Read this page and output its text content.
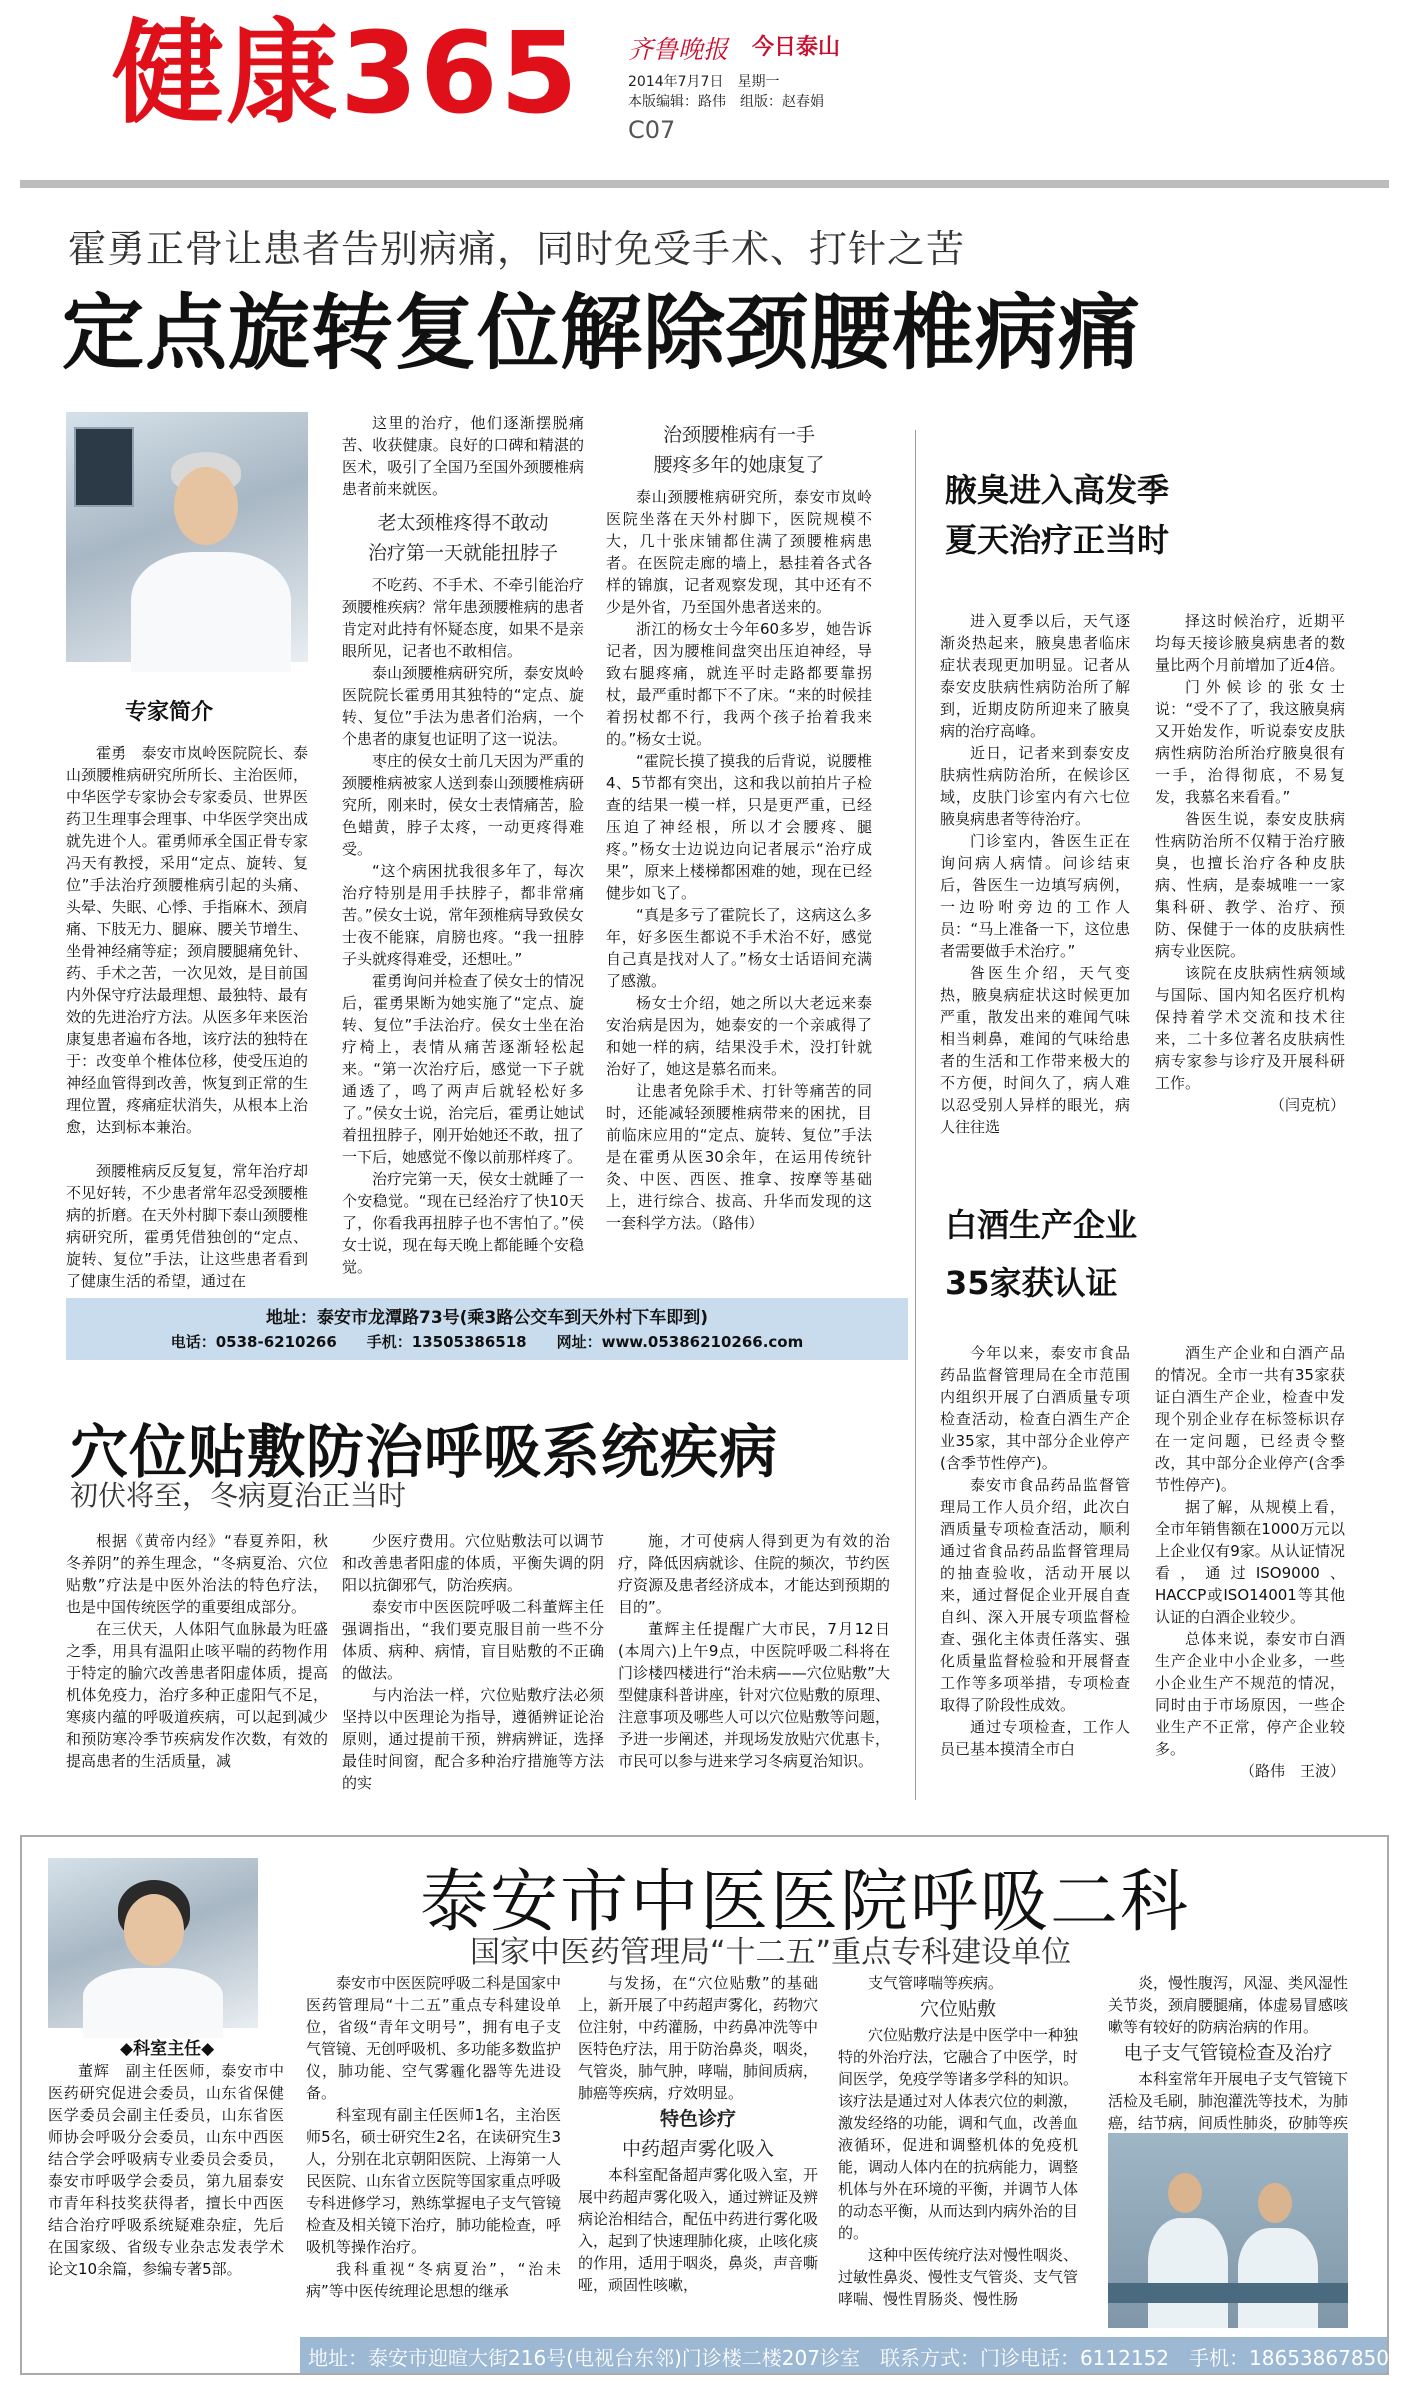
健康365 齐鲁晚报 今日泰山
2014年7月7日　星期一
本版编辑：路伟　组版：赵春娟
C07
霍勇正骨让患者告别病痛，同时免受手术、打针之苦
定点旋转复位解除颈腰椎病痛
专家简介
霍勇　泰安市岚岭医院院长、泰山颈腰椎病研究所所长、主治医师，中华医学专家协会专家委员、世界医药卫生理事会理事、中华医学突出成就先进个人。霍勇师承全国正骨专家冯天有教授，采用“定点、旋转、复位”手法治疗颈腰椎病引起的头痛、头晕、失眠、心悸、手指麻木、颈肩痛、下肢无力、腿麻、腰关节增生、坐骨神经痛等症；颈肩腰腿痛免针、药、手术之苦，一次见效，是目前国内外保守疗法最理想、最独特、最有效的先进治疗方法。从医多年来医治康复患者遍布各地，该疗法的独特在于：改变单个椎体位移，使受压迫的神经血管得到改善，恢复到正常的生理位置，疼痛症状消失，从根本上治愈，达到标本兼治。

颈腰椎病反反复复，常年治疗却不见好转，不少患者常年忍受颈腰椎病的折磨。在天外村脚下泰山颈腰椎病研究所，霍勇凭借独创的“定点、旋转、复位”手法，让这些患者看到了健康生活的希望，通过在

这里的治疗，他们逐渐摆脱痛苦、收获健康。良好的口碑和精湛的医术，吸引了全国乃至国外颈腰椎病患者前来就医。

老太颈椎疼得不敢动
治疗第一天就能扭脖子

不吃药、不手术、不牵引能治疗颈腰椎疾病？常年患颈腰椎病的患者肯定对此持有怀疑态度，如果不是亲眼所见，记者也不敢相信。

泰山颈腰椎病研究所，泰安岚岭医院院长霍勇用其独特的“定点、旋转、复位”手法为患者们治病，一个个患者的康复也证明了这一说法。

枣庄的侯女士前几天因为严重的颈腰椎病被家人送到泰山颈腰椎病研究所，刚来时，侯女士表情痛苦，脸色蜡黄，脖子太疼，一动更疼得难受。

“这个病困扰我很多年了，每次治疗特别是用手扶脖子，都非常痛苦。”侯女士说，常年颈椎病导致侯女士夜不能寐，肩膀也疼。“我一扭脖子头就疼得难受，还想吐。”

霍勇询问并检查了侯女士的情况后，霍勇果断为她实施了“定点、旋转、复位”手法治疗。侯女士坐在治疗椅上，表情从痛苦逐渐轻松起来。“第一次治疗后，感觉一下子就通透了，鸣了两声后就轻松好多了。”侯女士说，治完后，霍勇让她试着扭扭脖子，刚开始她还不敢，扭了一下后，她感觉不像以前那样疼了。

治疗完第一天，侯女士就睡了一个安稳觉。“现在已经治疗了快10天了，你看我再扭脖子也不害怕了。”侯女士说，现在每天晚上都能睡个安稳觉。

治颈腰椎病有一手
腰疼多年的她康复了

泰山颈腰椎病研究所，泰安市岚岭医院坐落在天外村脚下，医院规模不大，几十张床铺都住满了颈腰椎病患者。在医院走廊的墙上，悬挂着各式各样的锦旗，记者观察发现，其中还有不少是外省，乃至国外患者送来的。

浙江的杨女士今年60多岁，她告诉记者，因为腰椎间盘突出压迫神经，导致右腿疼痛，就连平时走路都要靠拐杖，最严重时都下不了床。“来的时候挂着拐杖都不行，我两个孩子抬着我来的。”杨女士说。

“霍院长摸了摸我的后背说，说腰椎4、5节都有突出，这和我以前拍片子检查的结果一模一样，只是更严重，已经压迫了神经根，所以才会腰疼、腿疼。”杨女士边说边向记者展示“治疗成果”，原来上楼梯都困难的她，现在已经健步如飞了。

“真是多亏了霍院长了，这病这么多年，好多医生都说不手术治不好，感觉自己真是找对人了。”杨女士话语间充满了感激。

杨女士介绍，她之所以大老远来泰安治病是因为，她泰安的一个亲戚得了和她一样的病，结果没手术，没打针就治好了，她这是慕名而来。

让患者免除手术、打针等痛苦的同时，还能减轻颈腰椎病带来的困扰，目前临床应用的“定点、旋转、复位”手法是在霍勇从医30余年，在运用传统针灸、中医、西医、推拿、按摩等基础上，进行综合、拔高、升华而发现的这一套科学方法。（路伟）

地址：泰安市龙潭路73号(乘3路公交车到天外村下车即到)
电话：0538-6210266　　手机：13505386518　　网址：www.05386210266.com
腋臭进入高发季
夏天治疗正当时

进入夏季以后，天气逐渐炎热起来，腋臭患者临床症状表现更加明显。记者从泰安皮肤病性病防治所了解到，近期皮防所迎来了腋臭病的治疗高峰。

近日，记者来到泰安皮肤病性病防治所，在候诊区域，皮肤门诊室内有六七位腋臭病患者等待治疗。

门诊室内，昝医生正在询问病人病情。问诊结束后，昝医生一边填写病例，一边吩咐旁边的工作人员：“马上准备一下，这位患者需要做手术治疗。”

昝医生介绍，天气变热，腋臭病症状这时候更加严重，散发出来的难闻气味相当刺鼻，难闻的气味给患者的生活和工作带来极大的不方便，时间久了，病人难以忍受别人异样的眼光，病人往往选

择这时候治疗，近期平均每天接诊腋臭病患者的数量比两个月前增加了近4倍。

门外候诊的张女士说：“受不了了，我这腋臭病又开始发作，听说泰安皮肤病性病防治所治疗腋臭很有一手，治得彻底，不易复发，我慕名来看看。”

昝医生说，泰安皮肤病性病防治所不仅精于治疗腋臭，也擅长治疗各种皮肤病、性病，是泰城唯一一家集科研、教学、治疗、预防、保健于一体的皮肤病性病专业医院。

该院在皮肤病性病领域与国际、国内知名医疗机构保持着学术交流和技术往来，二十多位著名皮肤病性病专家参与诊疗及开展科研工作。

（闫克杭）
白酒生产企业
35家获认证

今年以来，泰安市食品药品监督管理局在全市范围内组织开展了白酒质量专项检查活动，检查白酒生产企业35家，其中部分企业停产(含季节性停产)。

泰安市食品药品监督管理局工作人员介绍，此次白酒质量专项检查活动，顺利通过省食品药品监督管理局的抽查验收，活动开展以来，通过督促企业开展自查自纠、深入开展专项监督检查、强化主体责任落实、强化质量监督检验和开展督查工作等多项举措，专项检查取得了阶段性成效。

通过专项检查，工作人员已基本摸清全市白

酒生产企业和白酒产品的情况。全市一共有35家获证白酒生产企业，检查中发现个别企业存在标签标识存在一定问题，已经责令整改，其中部分企业停产(含季节性停产)。

据了解，从规模上看，全市年销售额在1000万元以上企业仅有9家。从认证情况看，通过ISO9000、HACCP或ISO14001等其他认证的白酒企业较少。

总体来说，泰安市白酒生产企业中小企业多，一些小企业生产不规范的情况，同时由于市场原因，一些企业生产不正常，停产企业较多。

（路伟　王波）
穴位贴敷防治呼吸系统疾病
初伏将至，冬病夏治正当时

根据《黄帝内经》“春夏养阳，秋冬养阴”的养生理念，“冬病夏治、穴位贴敷”疗法是中医外治法的特色疗法，也是中国传统医学的重要组成部分。

在三伏天，人体阳气血脉最为旺盛之季，用具有温阳止咳平喘的药物作用于特定的腧穴改善患者阳虚体质，提高机体免疫力，治疗多种正虚阳气不足，寒痰内蕴的呼吸道疾病，可以起到减少和预防寒冷季节疾病发作次数，有效的提高患者的生活质量，减

少医疗费用。穴位贴敷法可以调节和改善患者阳虚的体质，平衡失调的阴阳以抗御邪气，防治疾病。

泰安市中医医院呼吸二科董辉主任强调指出，“我们要克服目前一些不分体质、病种、病情，盲目贴敷的不正确的做法。

与内治法一样，穴位贴敷疗法必须坚持以中医理论为指导，遵循辨证论治原则，通过提前干预，辨病辨证，选择最佳时间窗，配合多种治疗措施等方法的实

施，才可使病人得到更为有效的治疗，降低因病就诊、住院的频次，节约医疗资源及患者经济成本，才能达到预期的目的”。

董辉主任提醒广大市民，7月12日(本周六)上午9点，中医院呼吸二科将在门诊楼四楼进行“治未病——穴位贴敷”大型健康科普讲座，针对穴位贴敷的原理、注意事项及哪些人可以穴位贴敷等问题，予进一步阐述，并现场发放贴穴优惠卡，市民可以参与进来学习冬病夏治知识。

泰安市中医医院呼吸二科
国家中医药管理局“十二五”重点专科建设单位
◆科室主任◆
董辉　副主任医师，泰安市中医药研究促进会委员，山东省保健医学委员会副主任委员，山东省医师协会呼吸分会委员，山东中西医结合学会呼吸病专业委员会委员，泰安市呼吸学会委员，第九届泰安市青年科技奖获得者，擅长中西医结合治疗呼吸系统疑难杂症，先后在国家级、省级专业杂志发表学术论文10余篇，参编专著5部。

泰安市中医医院呼吸二科是国家中医药管理局“十二五”重点专科建设单位，省级“青年文明号”，拥有电子支气管镜、无创呼吸机、多功能多数监护仪，肺功能、空气雾霾化器等先进设备。

科室现有副主任医师1名，主治医师5名，硕士研究生2名，在读研究生3人，分别在北京朝阳医院、上海第一人民医院、山东省立医院等国家重点呼吸专科进修学习，熟练掌握电子支气管镜检查及相关镜下治疗，肺功能检查，呼吸机等操作治疗。

我科重视“冬病夏治”，“治未病”等中医传统理论思想的继承

与发扬，在“穴位贴敷”的基础上，新开展了中药超声雾化，药物穴位注射，中药灌肠，中药鼻冲洗等中医特色疗法，用于防治鼻炎，咽炎，气管炎，肺气肿，哮喘，肺间质病，肺癌等疾病，疗效明显。

特色诊疗
中药超声雾化吸入

本科室配备超声雾化吸入室，开展中药超声雾化吸入，通过辨证及辨病论治相结合，配伍中药进行雾化吸入，起到了快速理肺化痰，止咳化痰的作用，适用于咽炎，鼻炎，声音嘶哑，顽固性咳嗽，

支气管哮喘等疾病。

穴位贴敷

穴位贴敷疗法是中医学中一种独特的外治疗法，它融合了中医学，时间医学，免疫学等诸多学科的知识。该疗法是通过对人体表穴位的刺激，激发经络的功能，调和气血，改善血液循环，促进和调整机体的免疫机能，调动人体内在的抗病能力，调整机体与外在环境的平衡，并调节人体的动态平衡，从而达到内病外治的目的。

这种中医传统疗法对慢性咽炎、过敏性鼻炎、慢性支气管炎、支气管哮喘、慢性胃肠炎、慢性肠

炎，慢性腹泻，风湿、类风湿性关节炎，颈肩腰腿痛，体虚易冒感咳嗽等有较好的防病治病的作用。

电子支气管镜检查及治疗

本科室常年开展电子支气管镜下活检及毛刷，肺泡灌洗等技术，为肺癌，结节病，间质性肺炎，矽肺等疾

地址：泰安市迎暄大街216号(电视台东邻)门诊楼二楼207诊室　联系方式：门诊电话：6112152　手机：18653867850
